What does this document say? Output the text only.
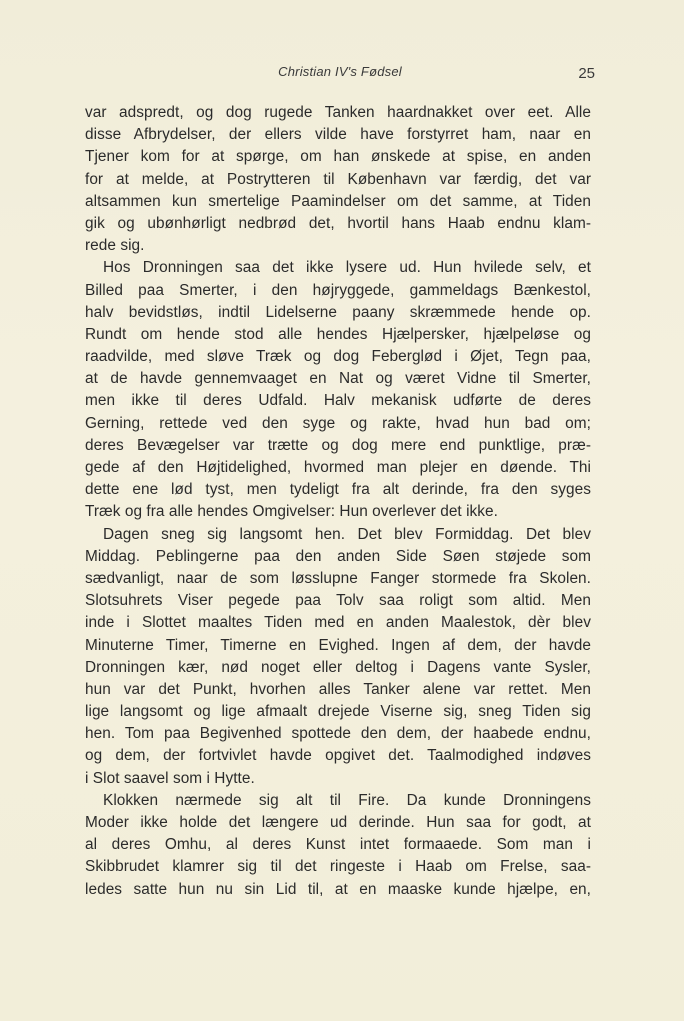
Christian IV's Fødsel	25
var adspredt, og dog rugede Tanken haardnakket over eet. Alle
disse Afbrydelser, der ellers vilde have forstyrret ham, naar en
Tjener kom for at spørge, om han ønskede at spise, en anden
for at melde, at Postrytteren til København var færdig, det var
altsammen kun smertelige Paamindelser om det samme, at Tiden
gik og ubønhørligt nedbrød det, hvortil hans Haab endnu klam-
rede sig.
Hos Dronningen saa det ikke lysere ud. Hun hvilede selv, et
Billed paa Smerter, i den højryggede, gammeldags Bænkestol,
halv bevidstløs, indtil Lidelserne paany skræmmede hende op.
Rundt om hende stod alle hendes Hjælpersker, hjælpeløse og
raadvilde, med sløve Træk og dog Feberglød i Øjet, Tegn paa,
at de havde gennemvaaget en Nat og været Vidne til Smerter,
men ikke til deres Udfald. Halv mekanisk udførte de deres
Gerning, rettede ved den syge og rakte, hvad hun bad om;
deres Bevægelser var trætte og dog mere end punktlige, præ-
gede af den Højtidelighed, hvormed man plejer en døende. Thi
dette ene lød tyst, men tydeligt fra alt derinde, fra den syges
Træk og fra alle hendes Omgivelser: Hun overlever det ikke.
Dagen sneg sig langsomt hen. Det blev Formiddag. Det blev
Middag. Peblingerne paa den anden Side Søen støjede som
sædvanligt, naar de som løsslupne Fanger stormede fra Skolen.
Slotsuhrets Viser pegede paa Tolv saa roligt som altid. Men
inde i Slottet maaltes Tiden med en anden Maalestok, dèr blev
Minuterne Timer, Timerne en Evighed. Ingen af dem, der havde
Dronningen kær, nød noget eller deltog i Dagens vante Sysler,
hun var det Punkt, hvorhen alles Tanker alene var rettet. Men
lige langsomt og lige afmaalt drejede Viserne sig, sneg Tiden sig
hen. Tom paa Begivenhed spottede den dem, der haabede endnu,
og dem, der fortvivlet havde opgivet det. Taalmodighed indøves
i Slot saavel som i Hytte.
Klokken nærmede sig alt til Fire. Da kunde Dronningens
Moder ikke holde det længere ud derinde. Hun saa for godt, at
al deres Omhu, al deres Kunst intet formaaede. Som man i
Skibbrudet klamrer sig til det ringeste i Haab om Frelse, saa-
ledes satte hun nu sin Lid til, at en maaske kunde hjælpe, en,
